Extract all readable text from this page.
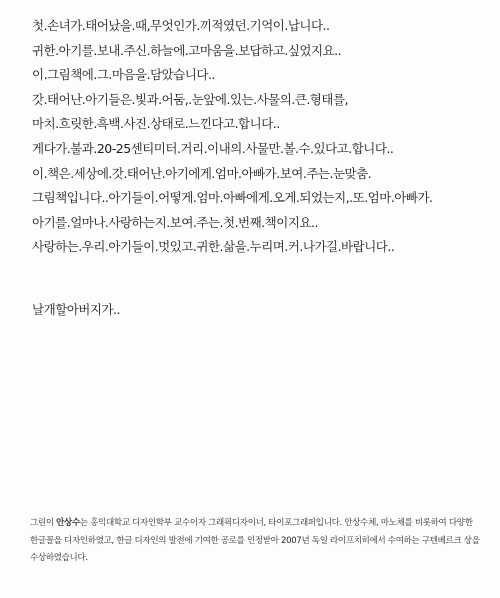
첫.손녀가.태어났을.때,무엇인가.끼적였던.기억이.납니다..
귀한.아기를.보내.주신.하늘에.고마움을.보답하고.싶었지요..
이.그림책에.그.마음을.담았습니다..
갓.태어난.아기들은.빛과.어둠,.눈앞에.있는.사물의.큰.형태를,
마치.흐릿한.흑백.사진.상태로.느낀다고.합니다..
게다가.불과.20-25센티미터.거리.이내의.사물만.볼.수.있다고.합니다..
이.책은.세상에.갓.태어난.아기에게.엄마.아빠가.보여.주는.눈맞춤.
그림책입니다..아기들이.어떻게.엄마.아빠에게.오게.되었는지,.또.엄마.아빠가.
아기를.얼마나.사랑하는지.보여.주는.첫.번째.책이지요..
사랑하는.우리.아기들이.멋있고.귀한.삶을.누리며.커.나가길.바랍니다..
날개할아버지가..
그린이 안상수는 홍익대학교 디자인학부 교수이자 그래픽디자이너, 타이포그래퍼입니다. 안상수체, 마노체를 비롯하여 다양한
한글꼴을 디자인하였고, 한글 디자인의 발전에 기여한 공로를 인정받아 2007년 독일 라이프치히에서 수여하는 구텐베르크 상을
수상하였습니다.
